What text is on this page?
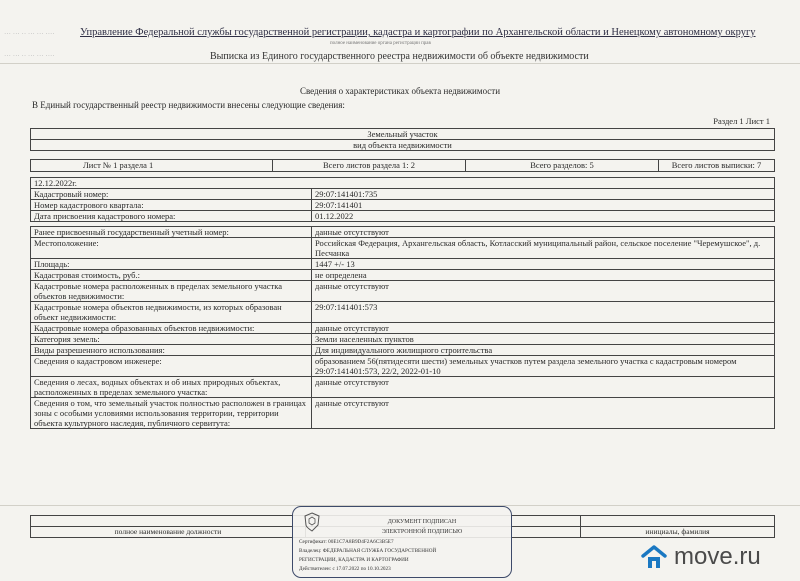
Управление Федеральной службы государственной регистрации, кадастра и картографии по Архангельской области и Ненецкому автономному округу
··· ··· ·· ··· ··· ····
полное наименование органа регистрации прав
··· ··· ·· ··· ··· ····	Выписка из Единого государственного реестра недвижимости об объекте недвижимости
Сведения о характеристиках объекта недвижимости
В Единый государственный реестр недвижимости внесены следующие сведения:
Раздел 1 Лист 1
Земельный участок
вид объекта недвижимости
Лист № 1 раздела 1	Всего листов раздела 1: 2	Всего разделов: 5	Всего листов выписки: 7
12.12.2022г.	
Кадастровый номер:	29:07:141401:735
Номер кадастрового квартала:	29:07:141401
Дата присвоения кадастрового номера:	01.12.2022

Ранее присвоенный государственный учетный номер:	данные отсутствуют
Местоположение:	Российская Федерация, Архангельская область, Котласский муниципальный район, сельское поселение "Черемушское", д. Песчанка
Площадь:	1447 +/- 13
Кадастровая стоимость, руб.:	не определена
Кадастровые номера расположенных в пределах земельного участка объектов недвижимости:	данные отсутствуют
Кадастровые номера объектов недвижимости, из которых образован объект недвижимости:	29:07:141401:573
Кадастровые номера образованных объектов недвижимости:	данные отсутствуют
Категория земель:	Земли населенных пунктов
Виды разрешенного использования:	Для индивидуального жилищного строительства
Сведения о кадастровом инженере:	образованием 56(пятидесяти шести) земельных участков путем раздела земельного участка с кадастровым номером 29:07:141401:573, 22/2, 2022-01-10
Сведения о лесах, водных объектах и об иных природных объектах, расположенных в пределах земельного участка:	данные отсутствуют
Сведения о том, что земельный участок полностью расположен в границах зоны с особыми условиями использования территории, территории объекта культурного наследия, публичного сервитута:	данные отсутствуют

полное наименование должности		инициалы, фамилия
ДОКУМЕНТ ПОДПИСАН
ЭЛЕКТРОННОЙ ПОДПИСЬЮ
Сертификат: 00E1C7A8B9D4F2A6C3B5E7
Владелец: ФЕДЕРАЛЬНАЯ СЛУЖБА ГОСУДАРСТВЕННОЙ
РЕГИСТРАЦИИ, КАДАСТРА И КАРТОГРАФИИ
Действителен: с 17.07.2022 по 10.10.2023	move.ru
